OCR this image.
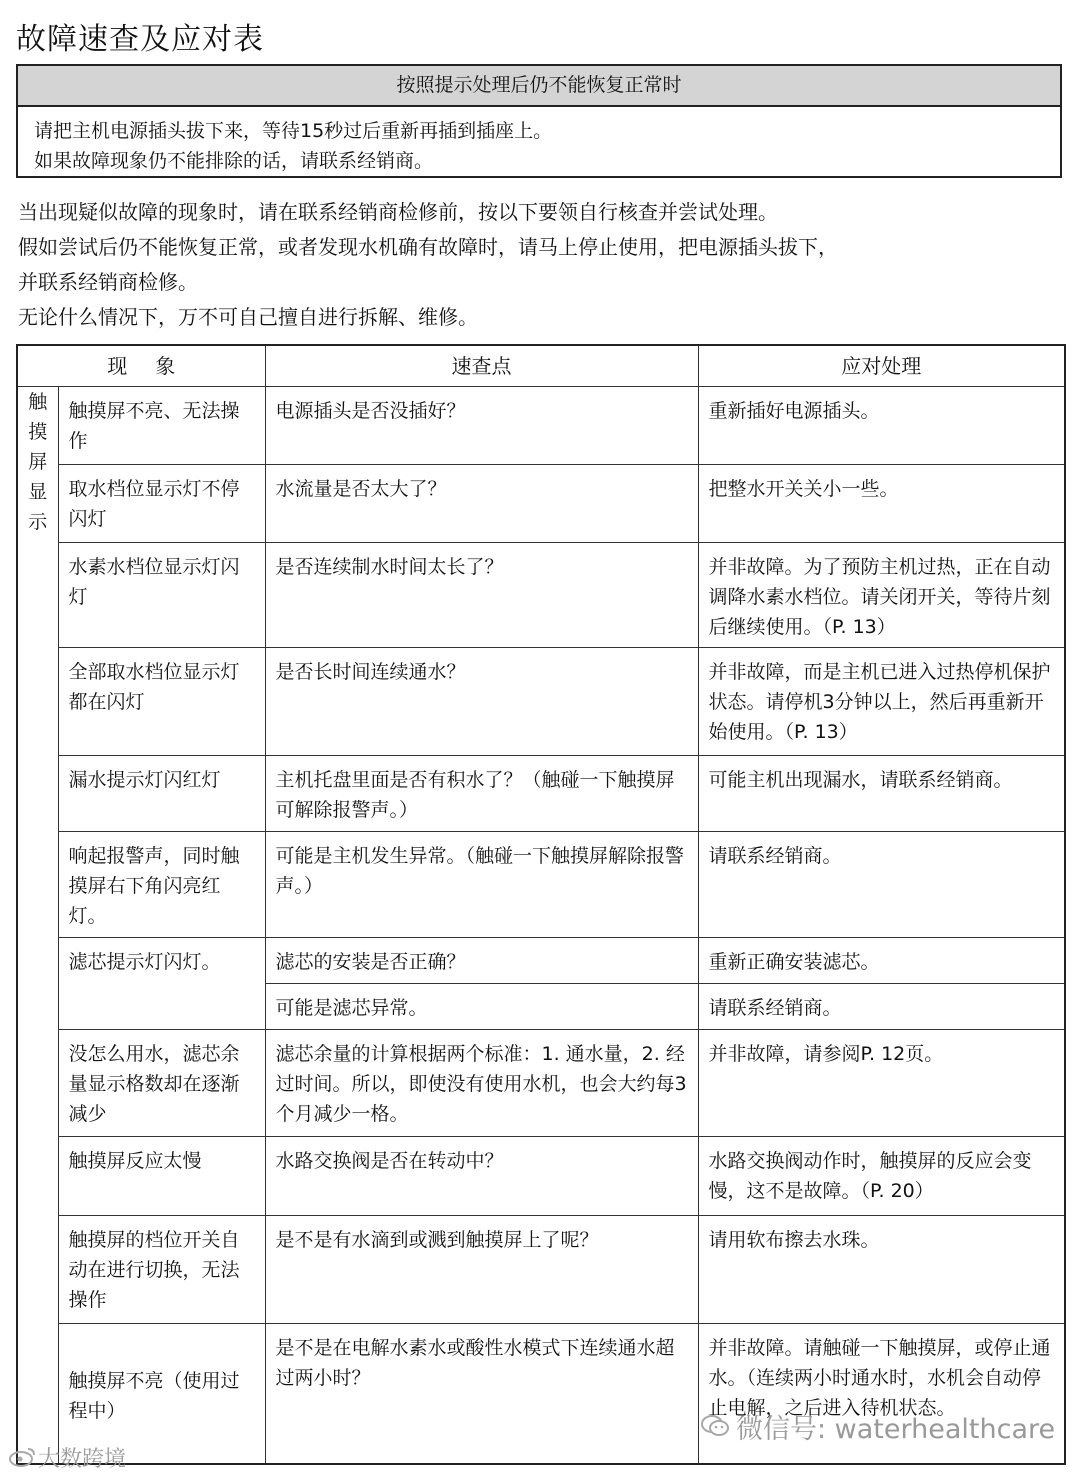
故障速查及应对表
按照提示处理后仍不能恢复正常时
请把主机电源插头拔下来，等待15秒过后重新再插到插座上。
如果故障现象仍不能排除的话，请联系经销商。
当出现疑似故障的现象时，请在联系经销商检修前，按以下要领自行核查并尝试处理。
假如尝试后仍不能恢复正常，或者发现水机确有故障时，请马上停止使用，把电源插头拔下，
并联系经销商检修。
无论什么情况下，万不可自己擅自进行拆解、维修。
现象		速查点	应对处理

触
摸
屏
显
示	触摸屏不亮、无法操作	电源插头是否没插好？	重新插好电源插头。
	取水档位显示灯不停闪灯	水流量是否太大了？	把整水开关关小一些。
	水素水档位显示灯闪灯	是否连续制水时间太长了？	并非故障。为了预防主机过热，正在自动调降水素水档位。请关闭开关，等待片刻后继续使用。（P. 13）
	全部取水档位显示灯都在闪灯	是否长时间连续通水？	并非故障，而是主机已进入过热停机保护状态。请停机3分钟以上，然后再重新开始使用。（P. 13）
	漏水提示灯闪红灯	主机托盘里面是否有积水了？（触碰一下触摸屏可解除报警声。）	可能主机出现漏水，请联系经销商。
	响起报警声，同时触摸屏右下角闪亮红灯。	可能是主机发生异常。（触碰一下触摸屏解除报警声。）	请联系经销商。
	滤芯提示灯闪灯。	滤芯的安装是否正确？	重新正确安装滤芯。
		可能是滤芯异常。	请联系经销商。
	没怎么用水，滤芯余量显示格数却在逐渐减少	滤芯余量的计算根据两个标准：1. 通水量，2. 经过时间。所以，即使没有使用水机，也会大约每3个月减少一格。	并非故障，请参阅P. 12页。
	触摸屏反应太慢	水路交换阀是否在转动中？	水路交换阀动作时，触摸屏的反应会变慢，这不是故障。（P. 20）
	触摸屏的档位开关自动在进行切换，无法操作	是不是有水滴到或溅到触摸屏上了呢？	请用软布擦去水珠。
	触摸屏不亮（使用过程中）	是不是在电解水素水或酸性水模式下连续通水超过两小时？	并非故障。请触碰一下触摸屏，或停止通水。（连续两小时通水时，水机会自动停止电解，之后进入待机状态。
微信号: waterhealthcare
大数跨境
